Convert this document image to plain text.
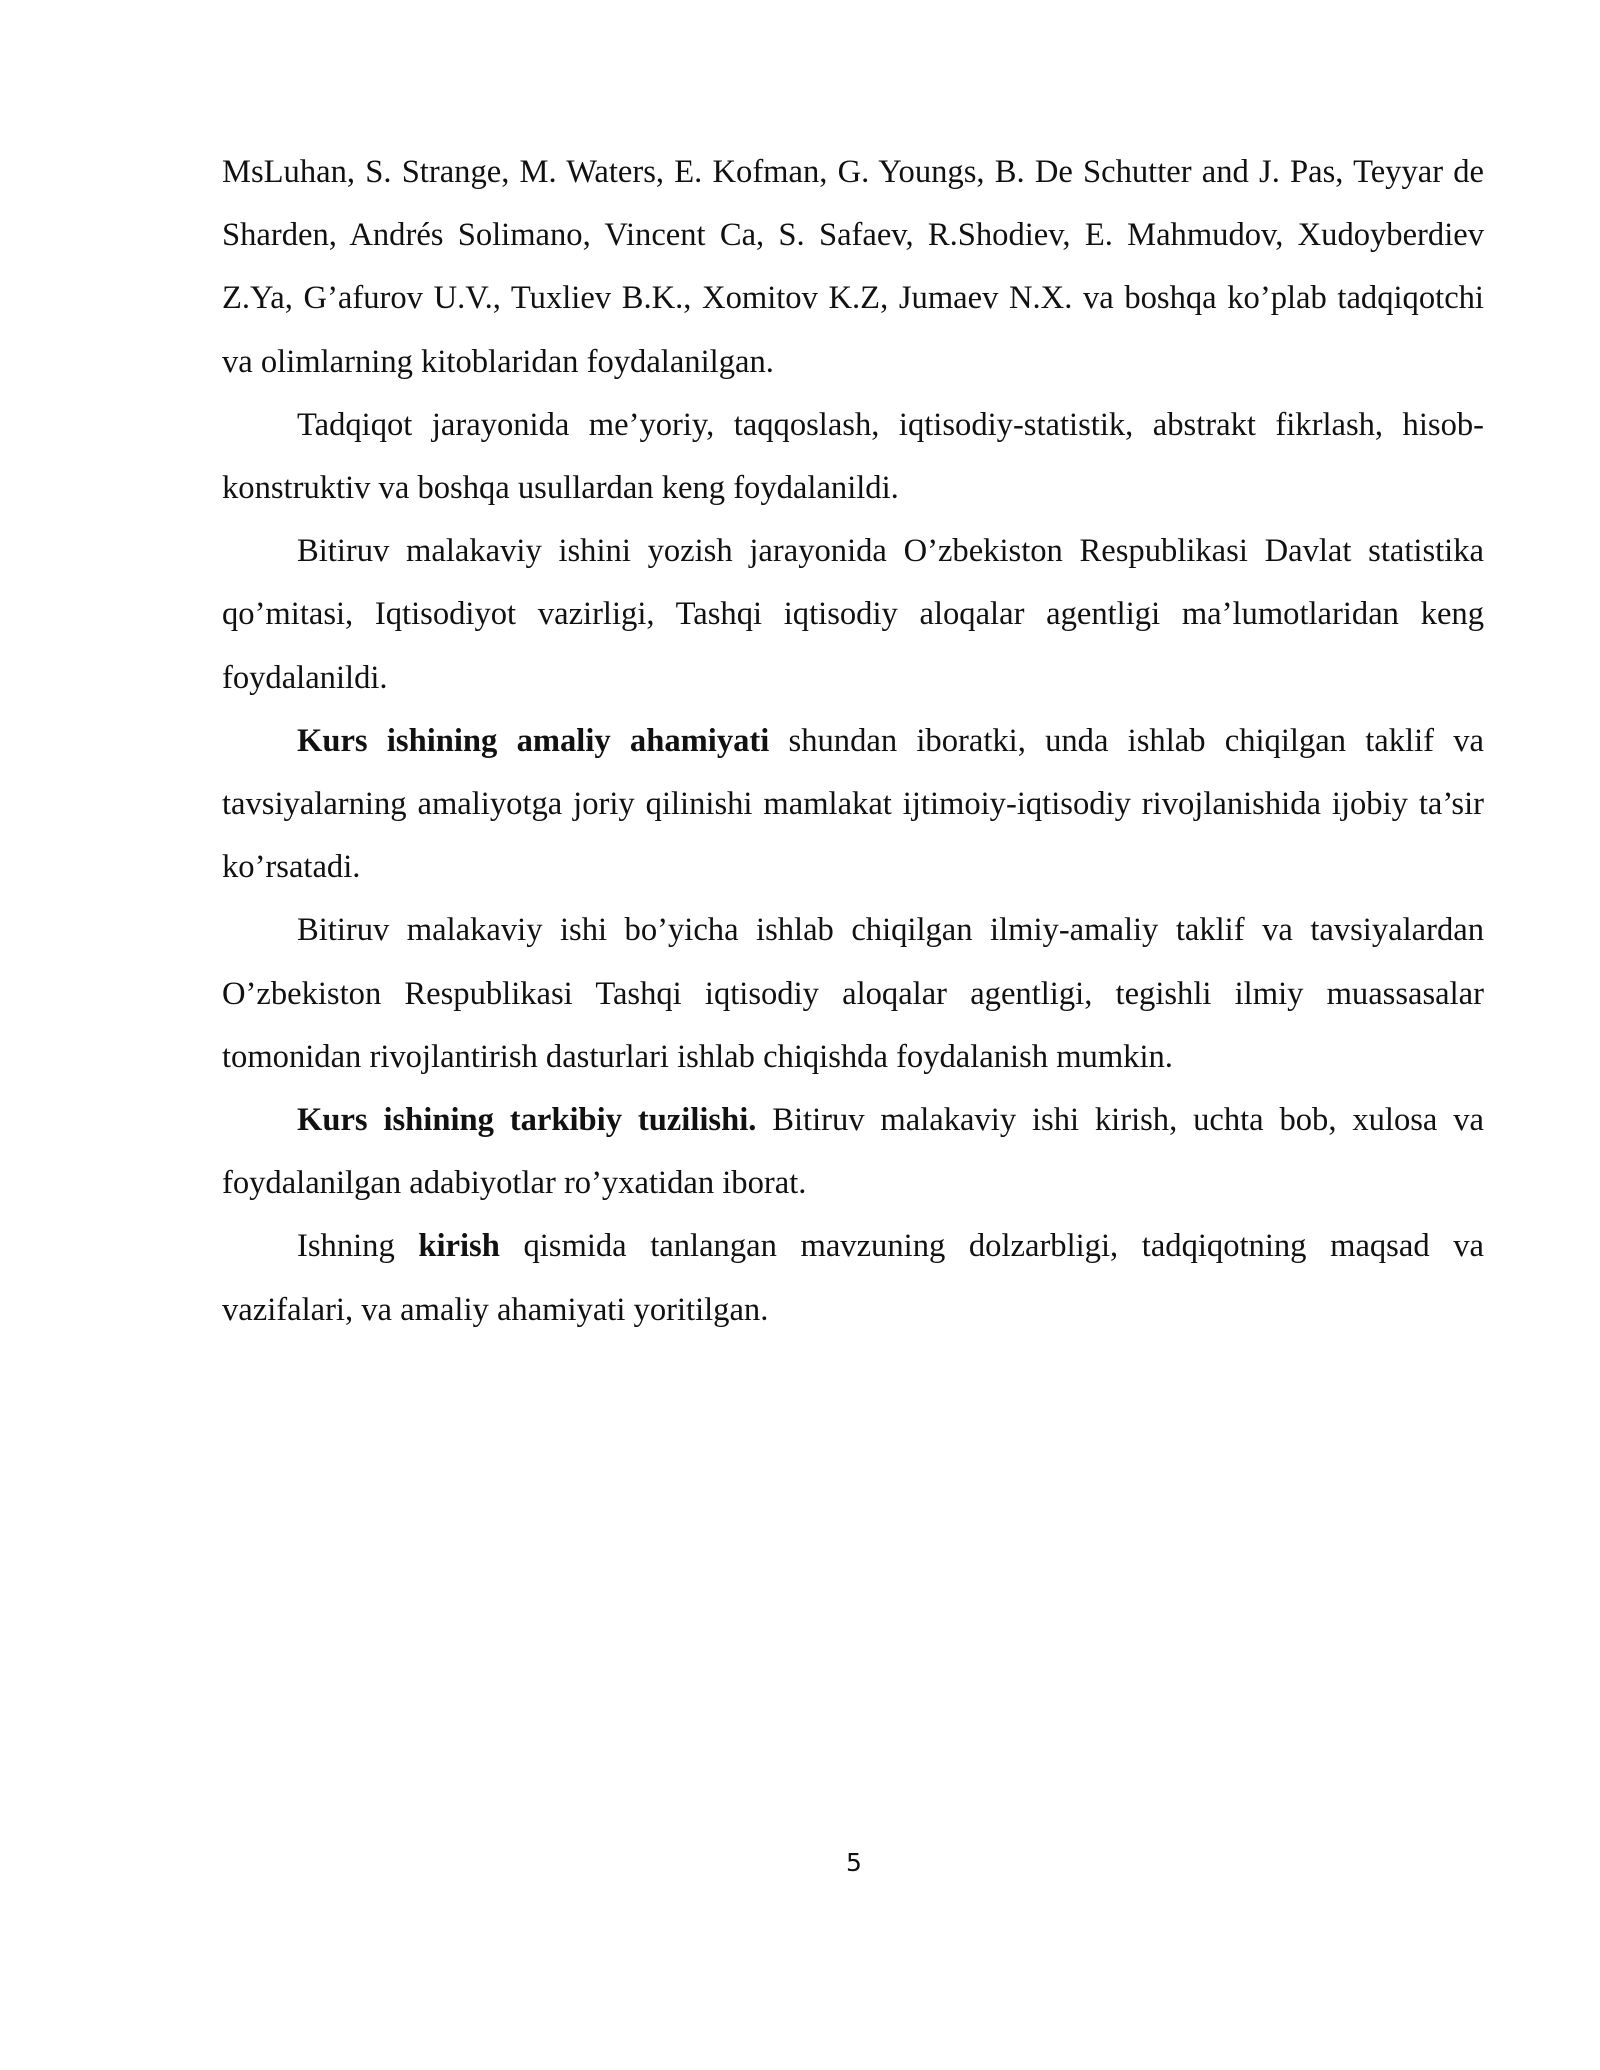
MsLuhan, S. Strange, M. Waters, E. Kofman, G. Youngs, B. De Schutter and J. Pas, Teyyar de Sharden, Andrés Solimano, Vincent Ca, S. Safaev, R.Shodiev, E. Mahmudov, Xudoyberdiev Z.Ya, G’afurov U.V., Tuxliev B.K., Xomitov K.Z, Jumaev N.X. va boshqa ko’plab tadqiqotchi va olimlarning kitoblaridan foydalanilgan.

Tadqiqot jarayonida me’yoriy, taqqoslash, iqtisodiy-statistik, abstrakt fikrlash, hisob-konstruktiv va boshqa usullardan keng foydalanildi.

Bitiruv malakaviy ishini yozish jarayonida O’zbekiston Respublikasi Davlat statistika qo’mitasi, Iqtisodiyot vazirligi, Tashqi iqtisodiy aloqalar agentligi ma’lumotlaridan keng foydalanildi.

Kurs ishining amaliy ahamiyati shundan iboratki, unda ishlab chiqilgan taklif va tavsiyalarning amaliyotga joriy qilinishi mamlakat ijtimoiy-iqtisodiy rivojlanishida ijobiy ta’sir ko’rsatadi.

Bitiruv malakaviy ishi bo’yicha ishlab chiqilgan ilmiy-amaliy taklif va tavsiyalardan O’zbekiston Respublikasi Tashqi iqtisodiy aloqalar agentligi, tegishli ilmiy muassasalar tomonidan rivojlantirish dasturlari ishlab chiqishda foydalanish mumkin.

Kurs ishining tarkibiy tuzilishi. Bitiruv malakaviy ishi kirish, uchta bob, xulosa va foydalanilgan adabiyotlar ro’yxatidan iborat.

Ishning kirish qismida tanlangan mavzuning dolzarbligi, tadqiqotning maqsad va vazifalari, va amaliy ahamiyati yoritilgan.

5
